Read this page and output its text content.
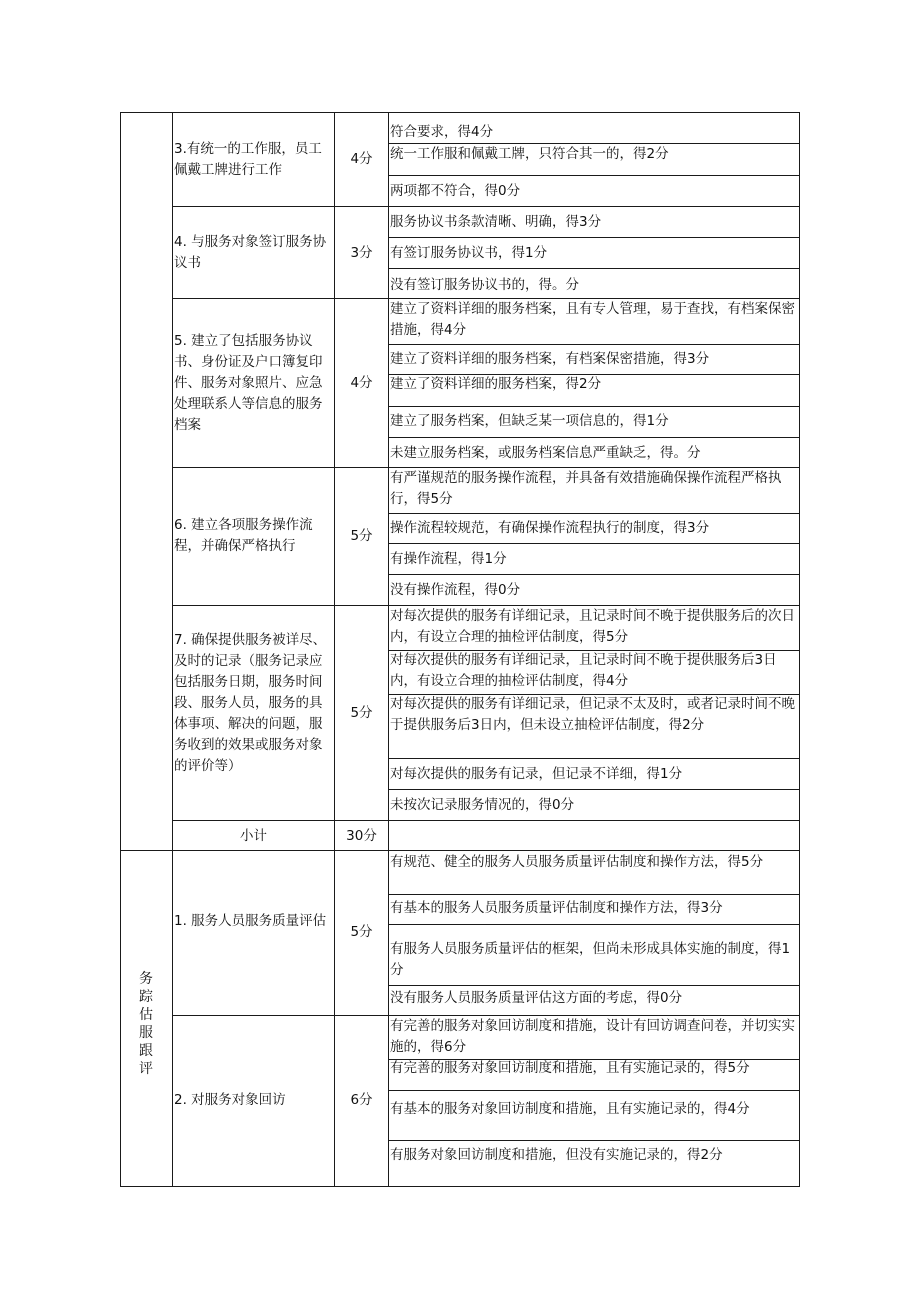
3.有统一的工作服，员工佩戴工牌进行工作
4分
符合要求，得4分
统一工作服和佩戴工牌，只符合其一的，得2分
两项都不符合，得0分
4. 与服务对象签订服务协议书
3分
服务协议书条款清晰、明确，得3分
有签订服务协议书，得1分
没有签订服务协议书的，得。分
5. 建立了包括服务协议书、身份证及户口簿复印件、服务对象照片、应急处理联系人等信息的服务档案
4分
建立了资料详细的服务档案，且有专人管理，易于查找，有档案保密措施，得4分
建立了资料详细的服务档案，有档案保密措施，得3分
建立了资料详细的服务档案，得2分
建立了服务档案，但缺乏某一项信息的，得1分
未建立服务档案，或服务档案信息严重缺乏，得。分
6. 建立各项服务操作流程，并确保严格执行
5分
有严谨规范的服务操作流程，并具备有效措施确保操作流程严格执行，得5分
操作流程较规范，有确保操作流程执行的制度，得3分
有操作流程，得1分
没有操作流程，得0分
7. 确保提供服务被详尽、及时的记录（服务记录应包括服务日期，服务时间段、服务人员，服务的具体事项、解决的问题，服务收到的效果或服务对象的评价等）
5分
对每次提供的服务有详细记录，且记录时间不晚于提供服务后的次日内，有设立合理的抽检评估制度，得5分
对每次提供的服务有详细记录，且记录时间不晚于提供服务后3日内，有设立合理的抽检评估制度，得4分
对每次提供的服务有详细记录，但记录不太及时，或者记录时间不晚于提供服务后3日内，但未设立抽检评估制度，得2分
对每次提供的服务有记录，但记录不详细，得1分
未按次记录服务情况的，得0分
小计	30分
务踪估服跟评
1. 服务人员服务质量评估
5分
有规范、健全的服务人员服务质量评估制度和操作方法，得5分
有基本的服务人员服务质量评估制度和操作方法，得3分
有服务人员服务质量评估的框架，但尚未形成具体实施的制度，得1分
没有服务人员服务质量评估这方面的考虑，得0分
2. 对服务对象回访	6分
有完善的服务对象回访制度和措施，设计有回访调查问卷，并切实实施的，得6分
有完善的服务对象回访制度和措施，且有实施记录的，得5分
有基本的服务对象回访制度和措施，且有实施记录的，得4分
有服务对象回访制度和措施，但没有实施记录的，得2分
